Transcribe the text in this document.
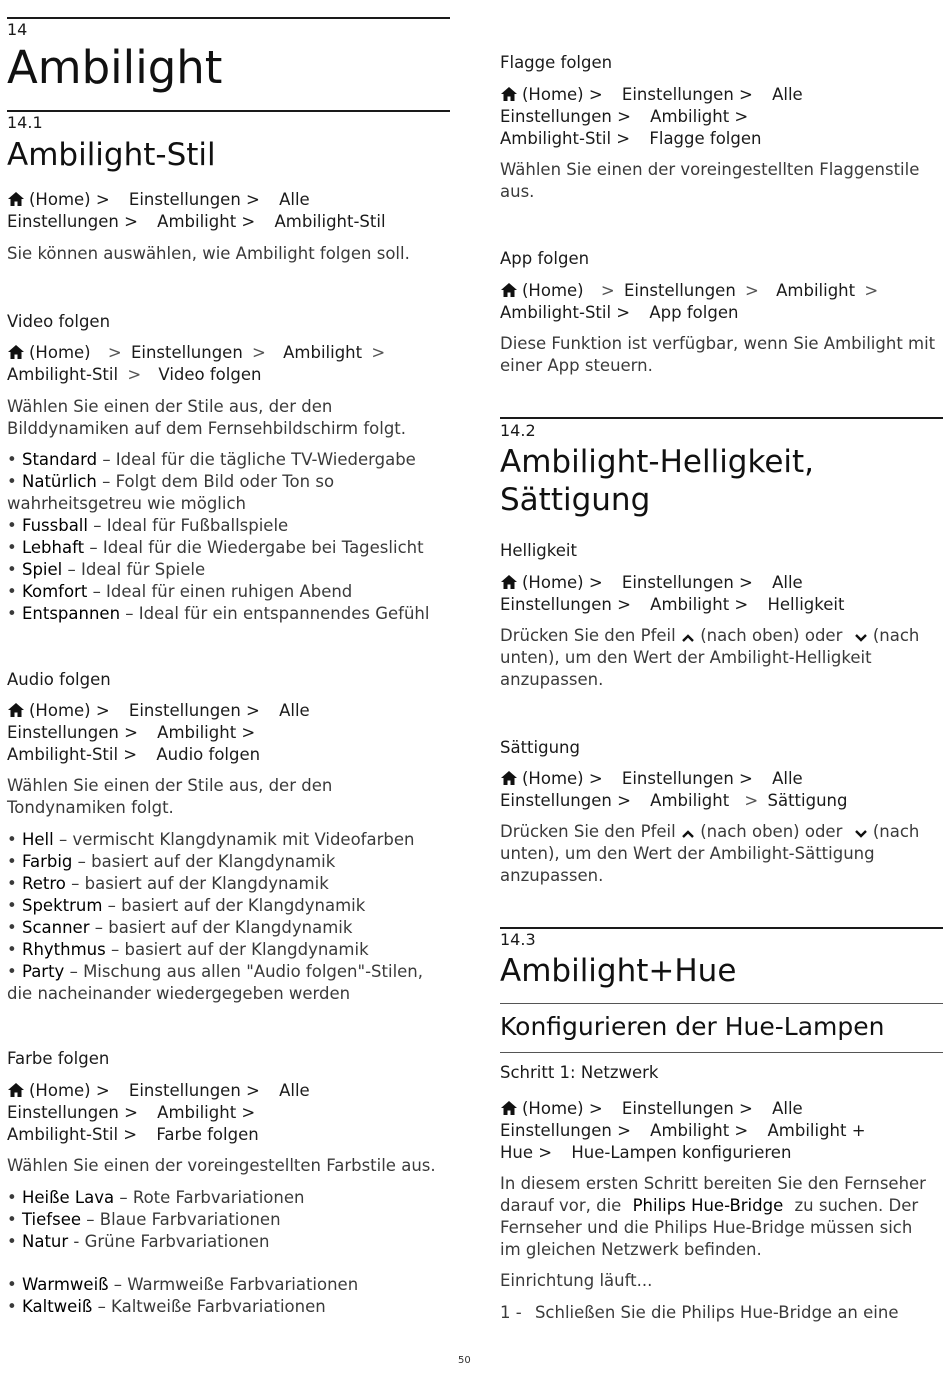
14
Ambilight
14.1
Ambilight-Stil
(Home) > Einstellungen > Alle
Einstellungen > Ambilight > Ambilight-Stil
Sie können auswählen, wie Ambilight folgen soll.
Video folgen
(Home) > Einstellungen > Ambilight >
Ambilight-Stil > Video folgen
Wählen Sie einen der Stile aus, der den
Bilddynamiken auf dem Fernsehbildschirm folgt.
• Standard – Ideal für die tägliche TV-Wiedergabe
• Natürlich – Folgt dem Bild oder Ton so
wahrheitsgetreu wie möglich
• Fussball – Ideal für Fußballspiele
• Lebhaft – Ideal für die Wiedergabe bei Tageslicht
• Spiel – Ideal für Spiele
• Komfort – Ideal für einen ruhigen Abend
• Entspannen – Ideal für ein entspannendes Gefühl
Audio folgen
(Home) > Einstellungen > Alle
Einstellungen > Ambilight >
Ambilight-Stil > Audio folgen
Wählen Sie einen der Stile aus, der den
Tondynamiken folgt.
• Hell – vermischt Klangdynamik mit Videofarben
• Farbig – basiert auf der Klangdynamik
• Retro – basiert auf der Klangdynamik
• Spektrum – basiert auf der Klangdynamik
• Scanner – basiert auf der Klangdynamik
• Rhythmus – basiert auf der Klangdynamik
• Party – Mischung aus allen "Audio folgen"-Stilen,
die nacheinander wiedergegeben werden
Farbe folgen
(Home) > Einstellungen > Alle
Einstellungen > Ambilight >
Ambilight-Stil > Farbe folgen
Wählen Sie einen der voreingestellten Farbstile aus.
• Heiße Lava – Rote Farbvariationen
• Tiefsee – Blaue Farbvariationen
• Natur - Grüne Farbvariationen
• Warmweiß – Warmweiße Farbvariationen
• Kaltweiß – Kaltweiße Farbvariationen
Flagge folgen
(Home) > Einstellungen > Alle
Einstellungen > Ambilight >
Ambilight-Stil > Flagge folgen
Wählen Sie einen der voreingestellten Flaggenstile
aus.
App folgen
(Home) > Einstellungen > Ambilight >
Ambilight-Stil > App folgen
Diese Funktion ist verfügbar, wenn Sie Ambilight mit
einer App steuern.
14.2
Ambilight-Helligkeit,
Sättigung
Helligkeit
(Home) > Einstellungen > Alle
Einstellungen > Ambilight > Helligkeit
Drücken Sie den Pfeil (nach oben) oder (nach
unten), um den Wert der Ambilight-Helligkeit
anzupassen.
Sättigung
(Home) > Einstellungen > Alle
Einstellungen > Ambilight > Sättigung
Drücken Sie den Pfeil (nach oben) oder (nach
unten), um den Wert der Ambilight-Sättigung
anzupassen.
14.3
Ambilight+Hue
Konfigurieren der Hue-Lampen
Schritt 1: Netzwerk
(Home) > Einstellungen > Alle
Einstellungen > Ambilight > Ambilight +
Hue > Hue-Lampen konfigurieren
In diesem ersten Schritt bereiten Sie den Fernseher
darauf vor, die Philips Hue-Bridge zu suchen. Der
Fernseher und die Philips Hue-Bridge müssen sich
im gleichen Netzwerk befinden.
Einrichtung läuft...
1 - Schließen Sie die Philips Hue-Bridge an eine
50
